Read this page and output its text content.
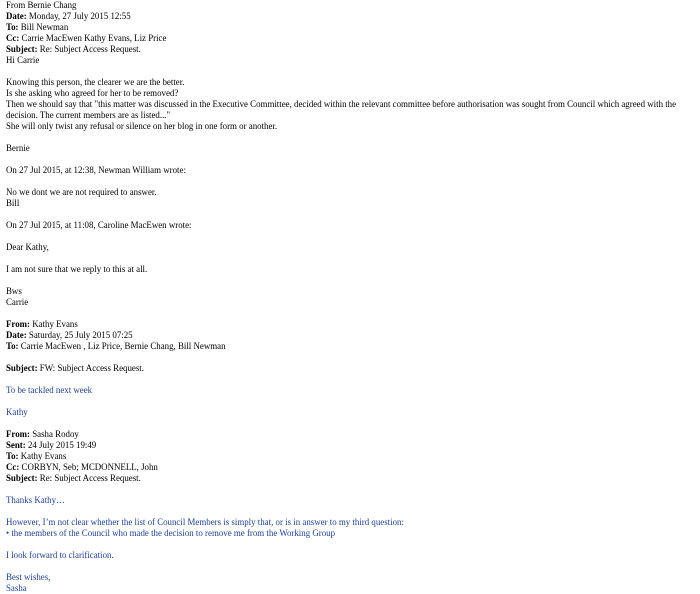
From Bernie Chang
Date: Monday, 27 July 2015 12:55
To: Bill Newman
Cc: Carrie MacEwen Kathy Evans, Liz Price
Subject: Re: Subject Access Request.
Hi Carrie
Knowing this person, the clearer we are the better.
Is she asking who agreed for her to be removed?
Then we should say that "this matter was discussed in the Executive Committee, decided within the relevant committee before authorisation was sought from Council which agreed with the decision. The current members are as listed..."
She will only twist any refusal or silence on her blog in one form or another.
Bernie
On 27 Jul 2015, at 12:38, Newman William wrote:
No we dont we are not required to answer.
Bill
On 27 Jul 2015, at 11:08, Caroline MacEwen wrote:
Dear Kathy,
I am not sure that we reply to this at all.
Bws
Carrie
From: Kathy Evans
Date: Saturday, 25 July 2015 07:25
To: Carrie MacEwen , Liz Price, Bernie Chang, Bill Newman
Subject: FW: Subject Access Request.
To be tackled next week
Kathy
From: Sasha Rodoy
Sent: 24 July 2015 19:49
To: Kathy Evans
Cc: CORBYN, Seb; MCDONNELL, John
Subject: Re: Subject Access Request.
Thanks Kathy…
However, I’m not clear whether the list of Council Members is simply that, or is in answer to my third question:
• the members of the Council who made the decision to remove me from the Working Group
I look forward to clarification.
Best wishes,
Sasha
